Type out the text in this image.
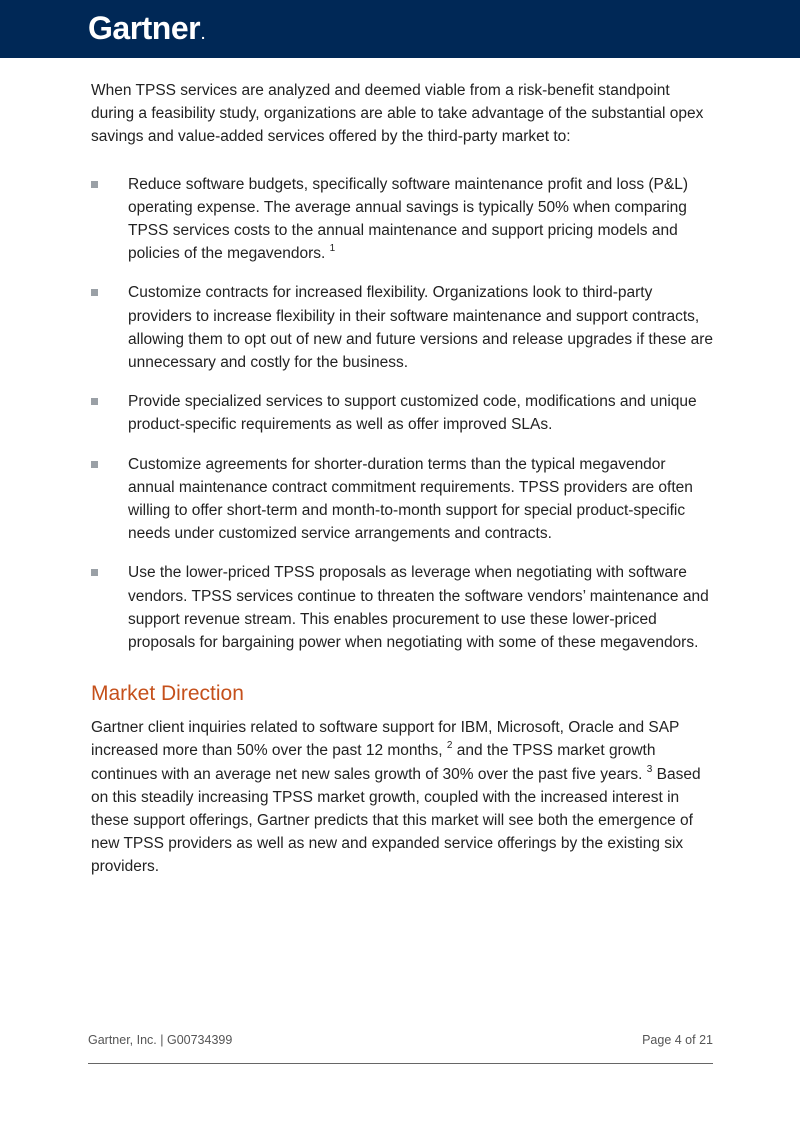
Gartner.

When TPSS services are analyzed and deemed viable from a risk-benefit standpoint during a feasibility study, organizations are able to take advantage of the substantial opex savings and value-added services offered by the third-party market to:

Reduce software budgets, specifically software maintenance profit and loss (P&L) operating expense. The average annual savings is typically 50% when comparing TPSS services costs to the annual maintenance and support pricing models and policies of the megavendors. $^1$
Customize contracts for increased flexibility. Organizations look to third-party providers to increase flexibility in their software maintenance and support contracts, allowing them to opt out of new and future versions and release upgrades if these are unnecessary and costly for the business.
Provide specialized services to support customized code, modifications and unique product-specific requirements as well as offer improved SLAs.
Customize agreements for shorter-duration terms than the typical megavendor annual maintenance contract commitment requirements. TPSS providers are often willing to offer short-term and month-to-month support for special product-specific needs under customized service arrangements and contracts.
Use the lower-priced TPSS proposals as leverage when negotiating with software vendors. TPSS services continue to threaten the software vendors’ maintenance and support revenue stream. This enables procurement to use these lower-priced proposals for bargaining power when negotiating with some of these megavendors.
Market Direction

Gartner client inquiries related to software support for IBM, Microsoft, Oracle and SAP increased more than 50% over the past 12 months, $^2$ and the TPSS market growth continues with an average net new sales growth of 30% over the past five years. $^3$ Based on this steadily increasing TPSS market growth, coupled with the increased interest in these support offerings, Gartner predicts that this market will see both the emergence of new TPSS providers as well as new and expanded service offerings by the existing six providers.

Gartner, Inc. | G00734399	Page 4 of 21
